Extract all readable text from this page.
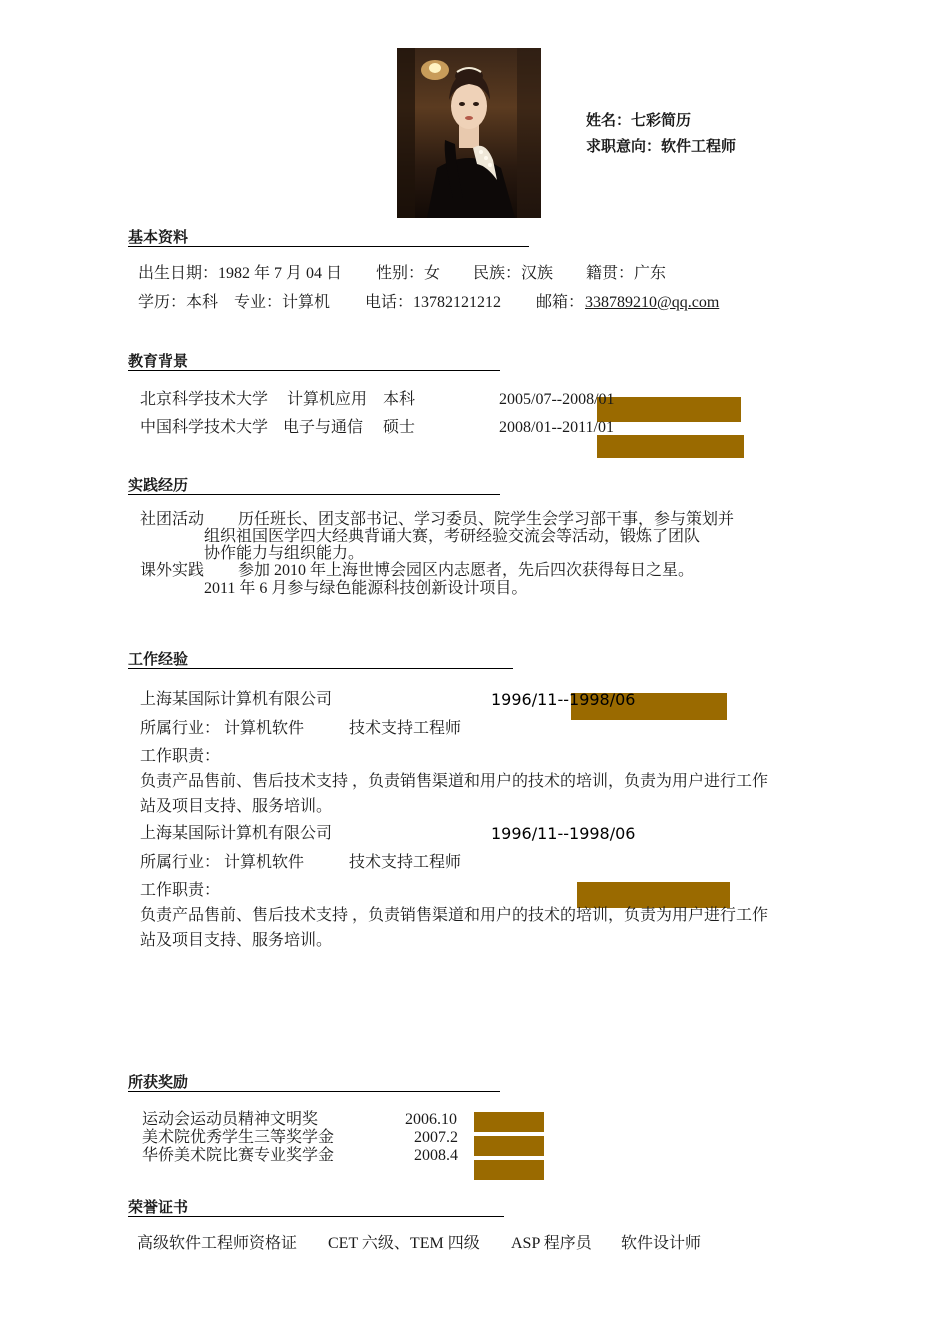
姓名：七彩简历
求职意向：软件工程师
基本资料
出生日期：1982 年 7 月 04 日 性别：女 民族：汉族 籍贯：广东
学历：本科 专业：计算机 电话：13782121212 邮箱： 338789210@qq.com
教育背景
北京科学技术大学 计算机应用 本科	2005/07--2008/01
中国科学技术大学 电子与通信 硕士	2008/01--2011/01
实践经历
社团活动 历任班长、团支部书记、学习委员、院学生会学习部干事，参与策划并
组织祖国医学四大经典背诵大赛，考研经验交流会等活动，锻炼了团队
协作能力与组织能力。
课外实践 参加 2010 年上海世博会园区内志愿者，先后四次获得每日之星。
2011 年 6 月参与绿色能源科技创新设计项目。
工作经验
上海某国际计算机有限公司	1996/11--1998/06
所属行业： 计算机软件	技术支持工程师
工作职责：
负责产品售前、售后技术支持 ，负责销售渠道和用户的技术的培训，负责为用户进行工作
站及项目支持、服务培训。
上海某国际计算机有限公司	1996/11--1998/06
所属行业： 计算机软件	技术支持工程师
工作职责：
负责产品售前、售后技术支持 ，负责销售渠道和用户的技术的培训，负责为用户进行工作
站及项目支持、服务培训。
所获奖励
运动会运动员精神文明奖	2006.10
美术院优秀学生三等奖学金	2007.2
华侨美术院比赛专业奖学金	2008.4
荣誉证书
高级软件工程师资格证 CET 六级、TEM 四级 ASP 程序员 软件设计师
